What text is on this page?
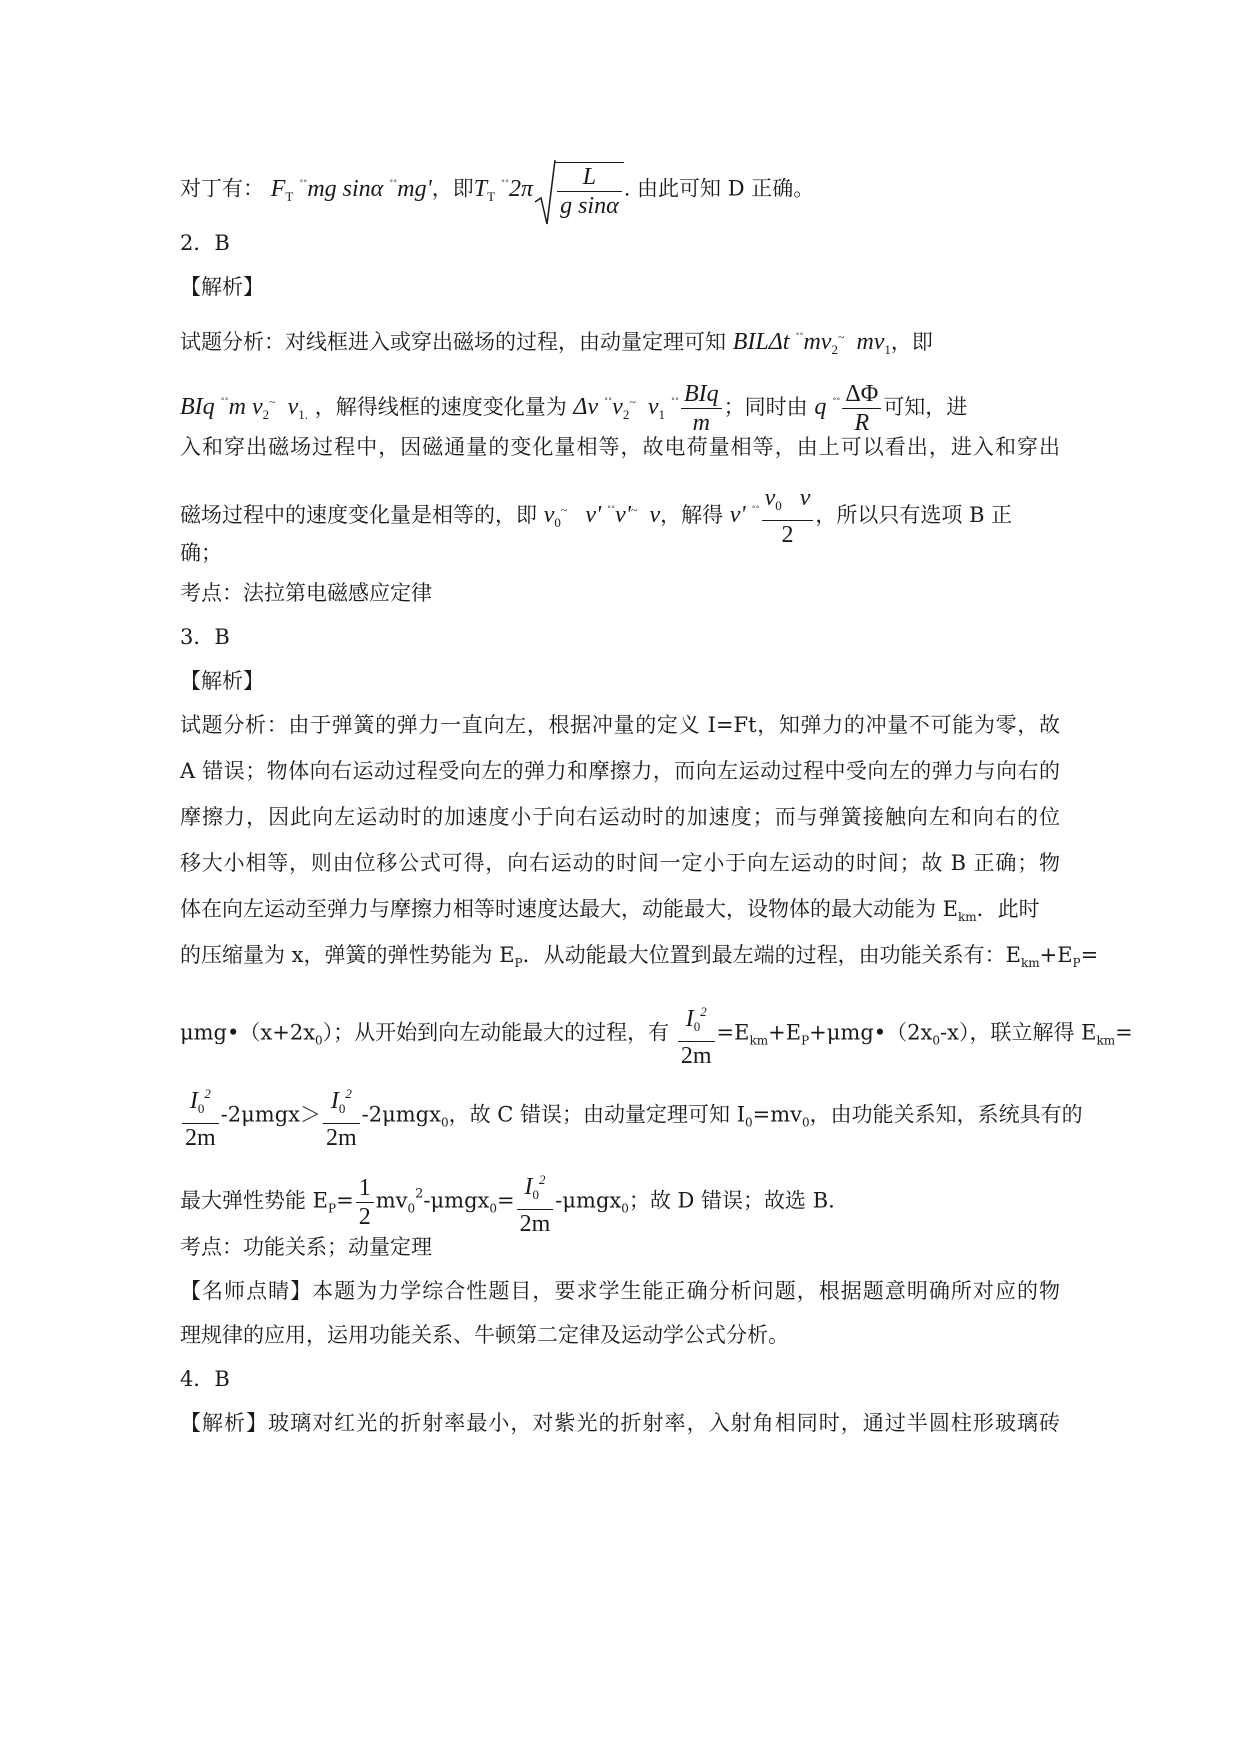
对丁有： $F_T$ ˚˚mg sinα ˚˚mg'，即$T_T$ $^{˚˚}2\pi \frac{L}{\text{g sinα}}$ . 由此可知 D 正确。
2．B
【解析】
试题分析：对线框进入或穿出磁场的过程，由动量定理可知 BILΔt $^{˚˚}mv_2^\sim$ $mv_1$，即
BIq ˚˚m $v_2^\sim$ $v_{1.}$ ，解得线框的速度变化量为 Δv $^{˚˚}v_2^\sim$ $v_1$ $^{˚˚} \frac{\text{BIq}}{m}$ ；同时由 q $^{˚˚} \frac{\Delta\Phi}{R}$ 可知，进
入和穿出磁场过程中，因磁通量的变化量相等，故电荷量相等，由上可以看出，进入和穿出
磁场过程中的速度变化量是相等的，即 $v_0^\sim$ v' ˚˚v'~ v，解得 v' $^{˚˚} \frac{v_0 v}{2}$ ，所以只有选项 B 正
确；
考点：法拉第电磁感应定律
3．B
【解析】
试题分析：由于弹簧的弹力一直向左，根据冲量的定义 I=Ft，知弹力的冲量不可能为零，故
A 错误；物体向右运动过程受向左的弹力和摩擦力，而向左运动过程中受向左的弹力与向右的
摩擦力，因此向左运动时的加速度小于向右运动时的加速度；而与弹簧接触向左和向右的位
移大小相等，则由位移公式可得，向右运动的时间一定小于向左运动的时间；故 B 正确；物
体在向左运动至弹力与摩擦力相等时速度达最大，动能最大，设物体的最大动能为 $E_{km}$．此时
的压缩量为 x，弹簧的弹性势能为 $E_P$．从动能最大位置到最左端的过程，由功能关系有：$E_{km}+E_P=$
$\mu mg•(x+2x_0)$；从开始到向左动能最大的过程，有 $\frac{I_0^2}{2m}$ $=E_{km}+E_P+\mu mg•(2x_0-x)$，联立解得 $E_{km}=$
$\frac{I_0^2}{2m} -2\mu mgx> \frac{I_0^2}{2m} -2\mu mgx_0$，故 C 错误；由动量定理可知 $I_0=mv_0$，由功能关系知，系统具有的
最大弹性势能 $E_P= \frac{1}{2} mv_0^2-\mu mgx_0= \frac{I_0^2}{2m} -\mu mgx_0$；故 D 错误；故选 B.
考点：功能关系；动量定理
【名师点睛】本题为力学综合性题目，要求学生能正确分析问题，根据题意明确所对应的物
理规律的应用，运用功能关系、牛顿第二定律及运动学公式分析。
4．B
【解析】玻璃对红光的折射率最小，对紫光的折射率，入射角相同时，通过半圆柱形玻璃砖
